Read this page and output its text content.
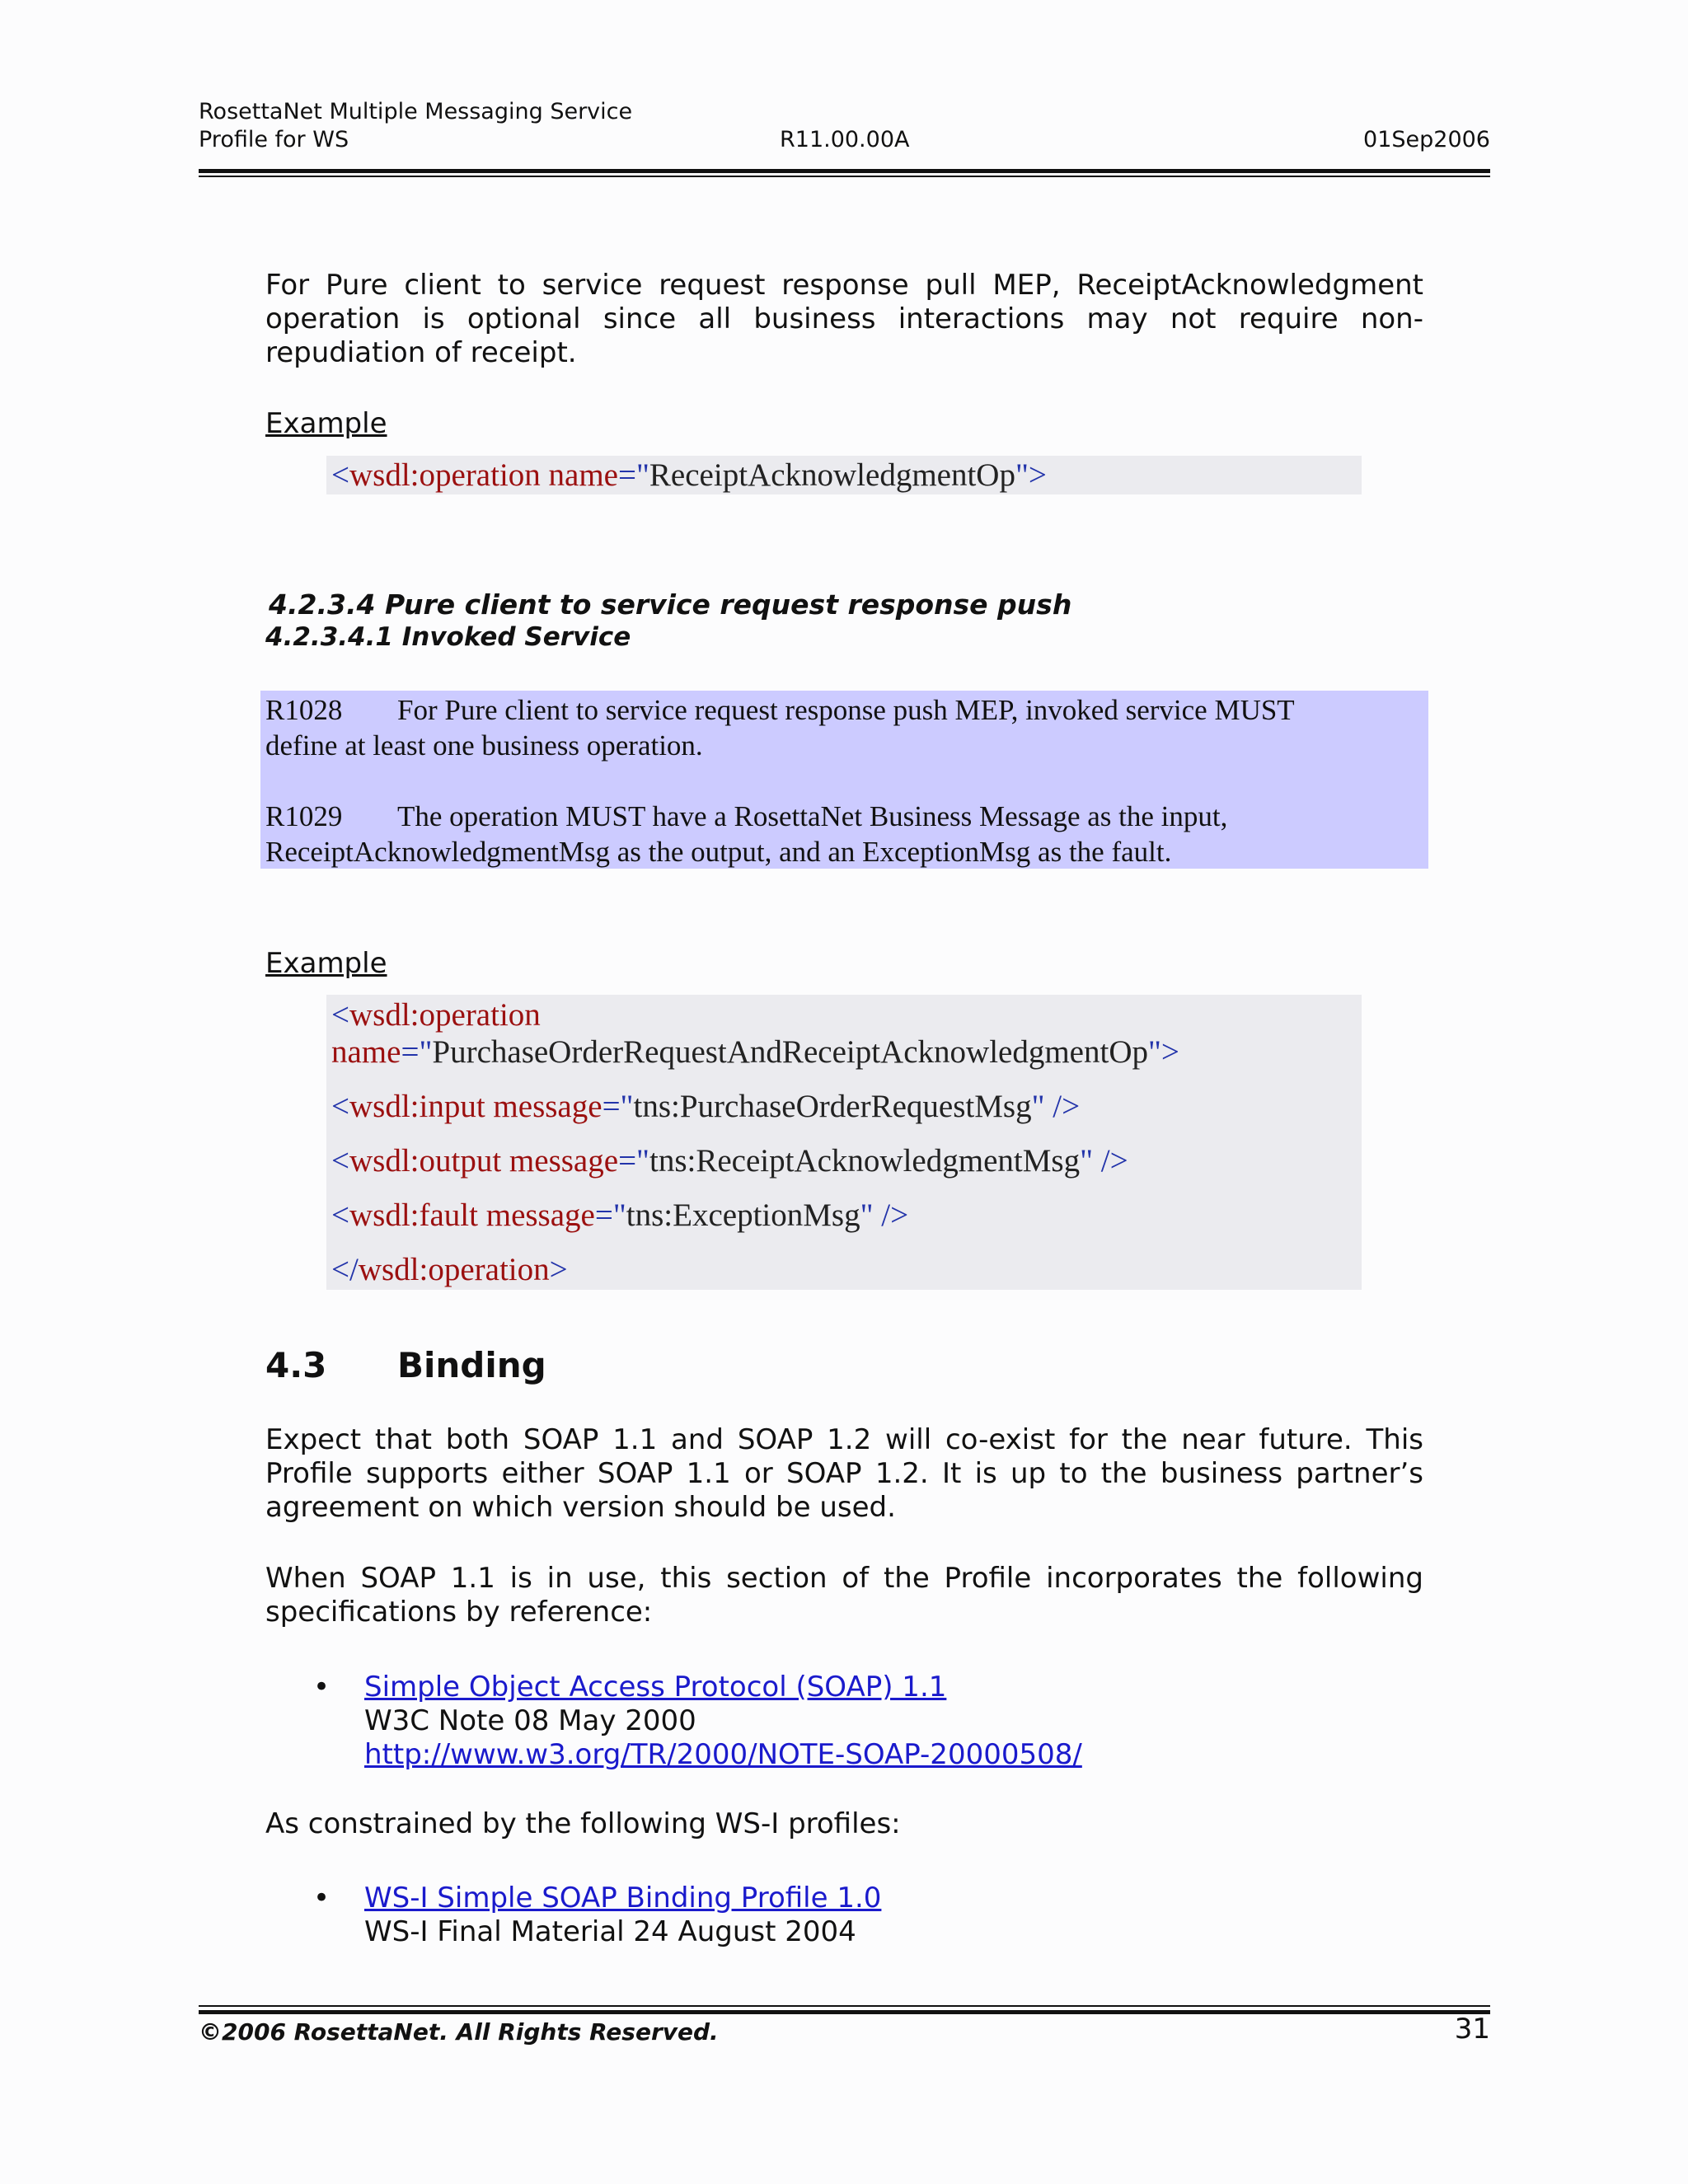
RosettaNet Multiple Messaging Service
Profile for WS	R11.00.00A	01Sep2006
For Pure client to service request response pull MEP, ReceiptAcknowledgment operation is optional since all business interactions may not require non-repudiation of receipt.
Example
<wsdl:operation name="ReceiptAcknowledgmentOp">
4.2.3.4 Pure client to service request response push
4.2.3.4.1 Invoked Service

R1028 For Pure client to service request response push MEP, invoked service MUST

define at least one business operation.

R1029 The operation MUST have a RosettaNet Business Message as the input,

ReceiptAcknowledgmentMsg as the output, and an ExceptionMsg as the fault.

Example
<wsdl:operation
name="PurchaseOrderRequestAndReceiptAcknowledgmentOp">
<wsdl:input message="tns:PurchaseOrderRequestMsg" />
<wsdl:output message="tns:ReceiptAcknowledgmentMsg" />
<wsdl:fault message="tns:ExceptionMsg" />
</wsdl:operation>
4.3 Binding
Expect that both SOAP 1.1 and SOAP 1.2 will co-exist for the near future. This Profile supports either SOAP 1.1 or SOAP 1.2. It is up to the business partner’s agreement on which version should be used.
When SOAP 1.1 is in use, this section of the Profile incorporates the following specifications by reference:
• Simple Object Access Protocol (SOAP) 1.1
W3C Note 08 May 2000
http://www.w3.org/TR/2000/NOTE-SOAP-20000508/
As constrained by the following WS-I profiles:
• WS-I Simple SOAP Binding Profile 1.0
WS-I Final Material 24 August 2004
©2006 RosettaNet. All Rights Reserved.	31
